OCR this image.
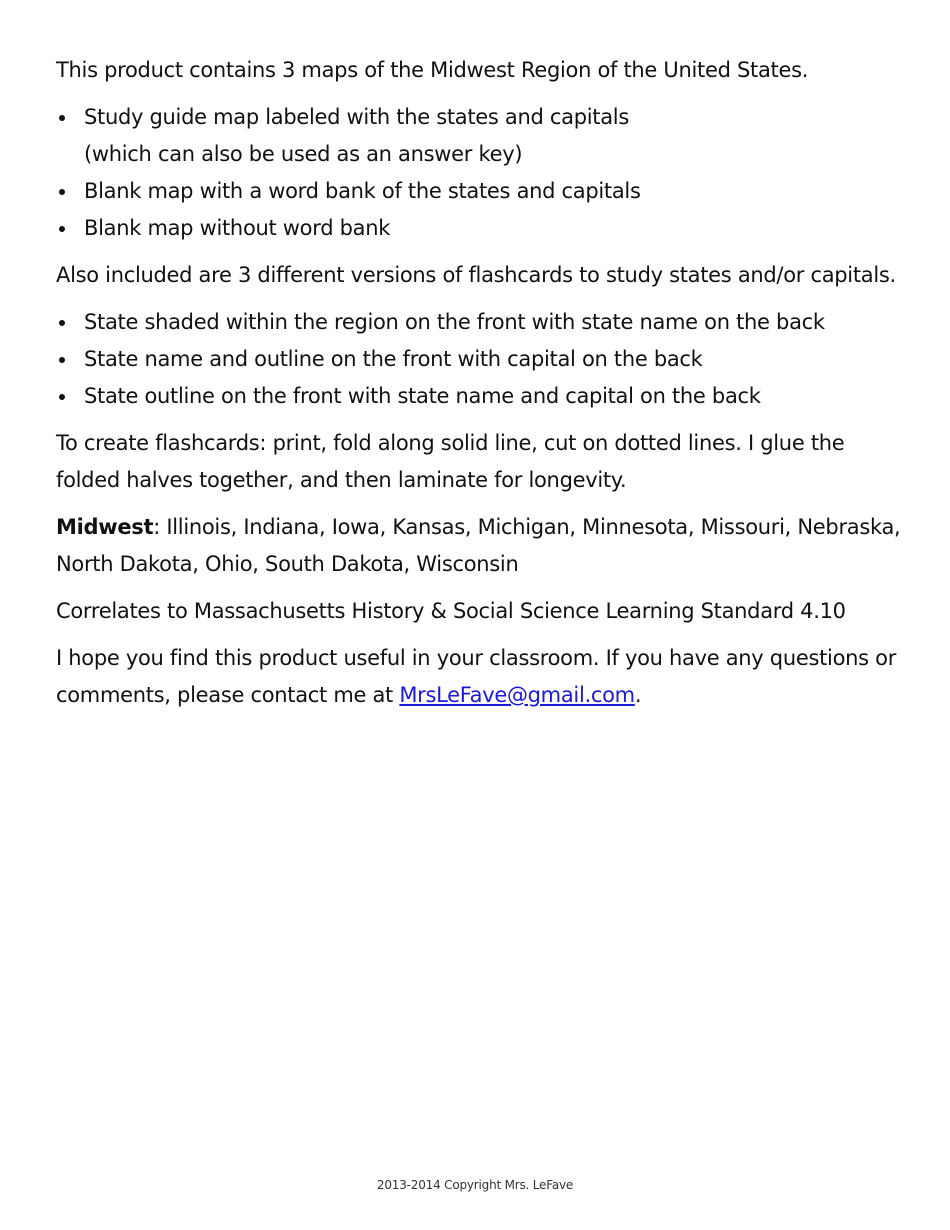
This product contains 3 maps of the Midwest Region of the United States.

Study guide map labeled with the states and capitals
(which can also be used as an answer key)
Blank map with a word bank of the states and capitals
Blank map without word bank

Also included are 3 different versions of flashcards to study states and/or capitals.

State shaded within the region on the front with state name on the back
State name and outline on the front with capital on the back
State outline on the front with state name and capital on the back

To create flashcards: print, fold along solid line, cut on dotted lines. I glue the folded halves together, and then laminate for longevity.

Midwest: Illinois, Indiana, Iowa, Kansas, Michigan, Minnesota, Missouri, Nebraska, North Dakota, Ohio, South Dakota, Wisconsin

Correlates to Massachusetts History & Social Science Learning Standard 4.10

I hope you find this product useful in your classroom. If you have any questions or comments, please contact me at MrsLeFave@gmail.com.

2013-2014 Copyright Mrs. LeFave
